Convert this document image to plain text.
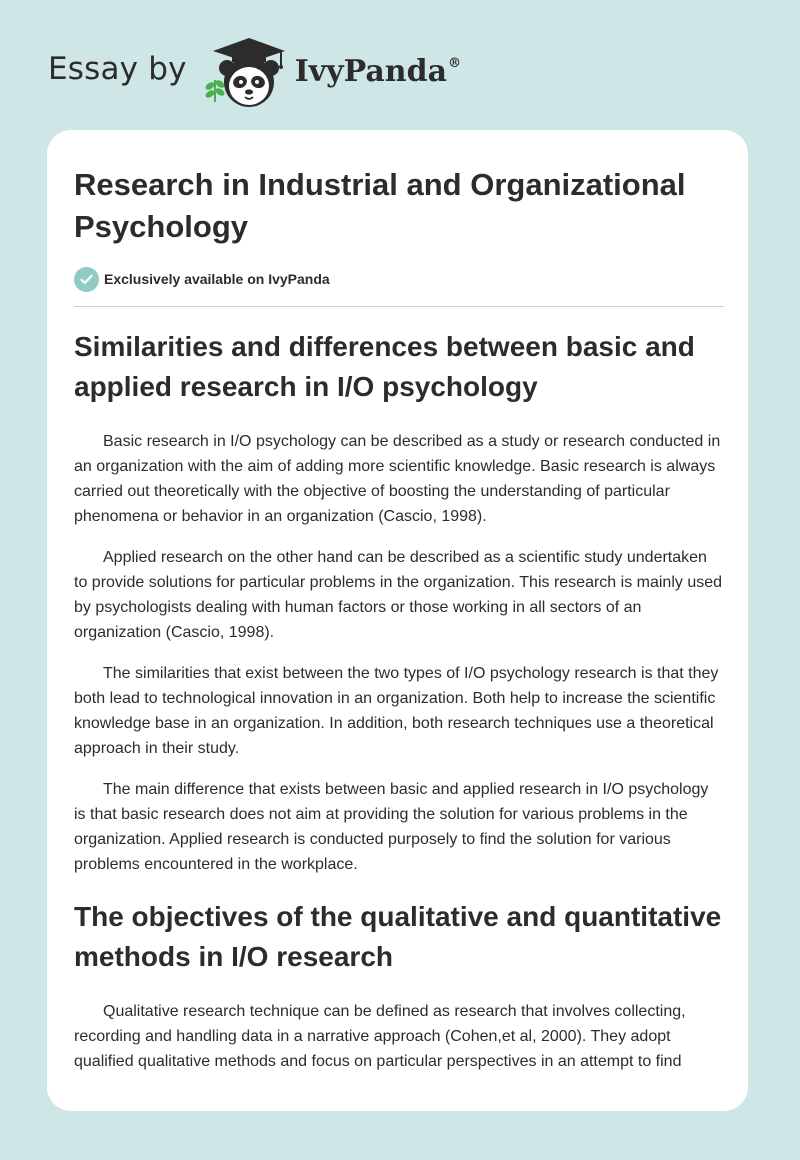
Essay by	IvyPanda®
Research in Industrial and Organizational Psychology
Exclusively available on IvyPanda
Similarities and differences between basic and applied research in I/O psychology

Basic research in I/O psychology can be described as a study or research conducted in an organization with the aim of adding more scientific knowledge. Basic research is always carried out theoretically with the objective of boosting the understanding of particular phenomena or behavior in an organization (Cascio, 1998).

Applied research on the other hand can be described as a scientific study undertaken to provide solutions for particular problems in the organization. This research is mainly used by psychologists dealing with human factors or those working in all sectors of an organization (Cascio, 1998).

The similarities that exist between the two types of I/O psychology research is that they both lead to technological innovation in an organization. Both help to increase the scientific knowledge base in an organization. In addition, both research techniques use a theoretical approach in their study.

The main difference that exists between basic and applied research in I/O psychology is that basic research does not aim at providing the solution for various problems in the organization. Applied research is conducted purposely to find the solution for various problems encountered in the workplace.

The objectives of the qualitative and quantitative methods in I/O research

Qualitative research technique can be defined as research that involves collecting, recording and handling data in a narrative approach (Cohen,et al, 2000). They adopt qualified qualitative methods and focus on particular perspectives in an attempt to find
